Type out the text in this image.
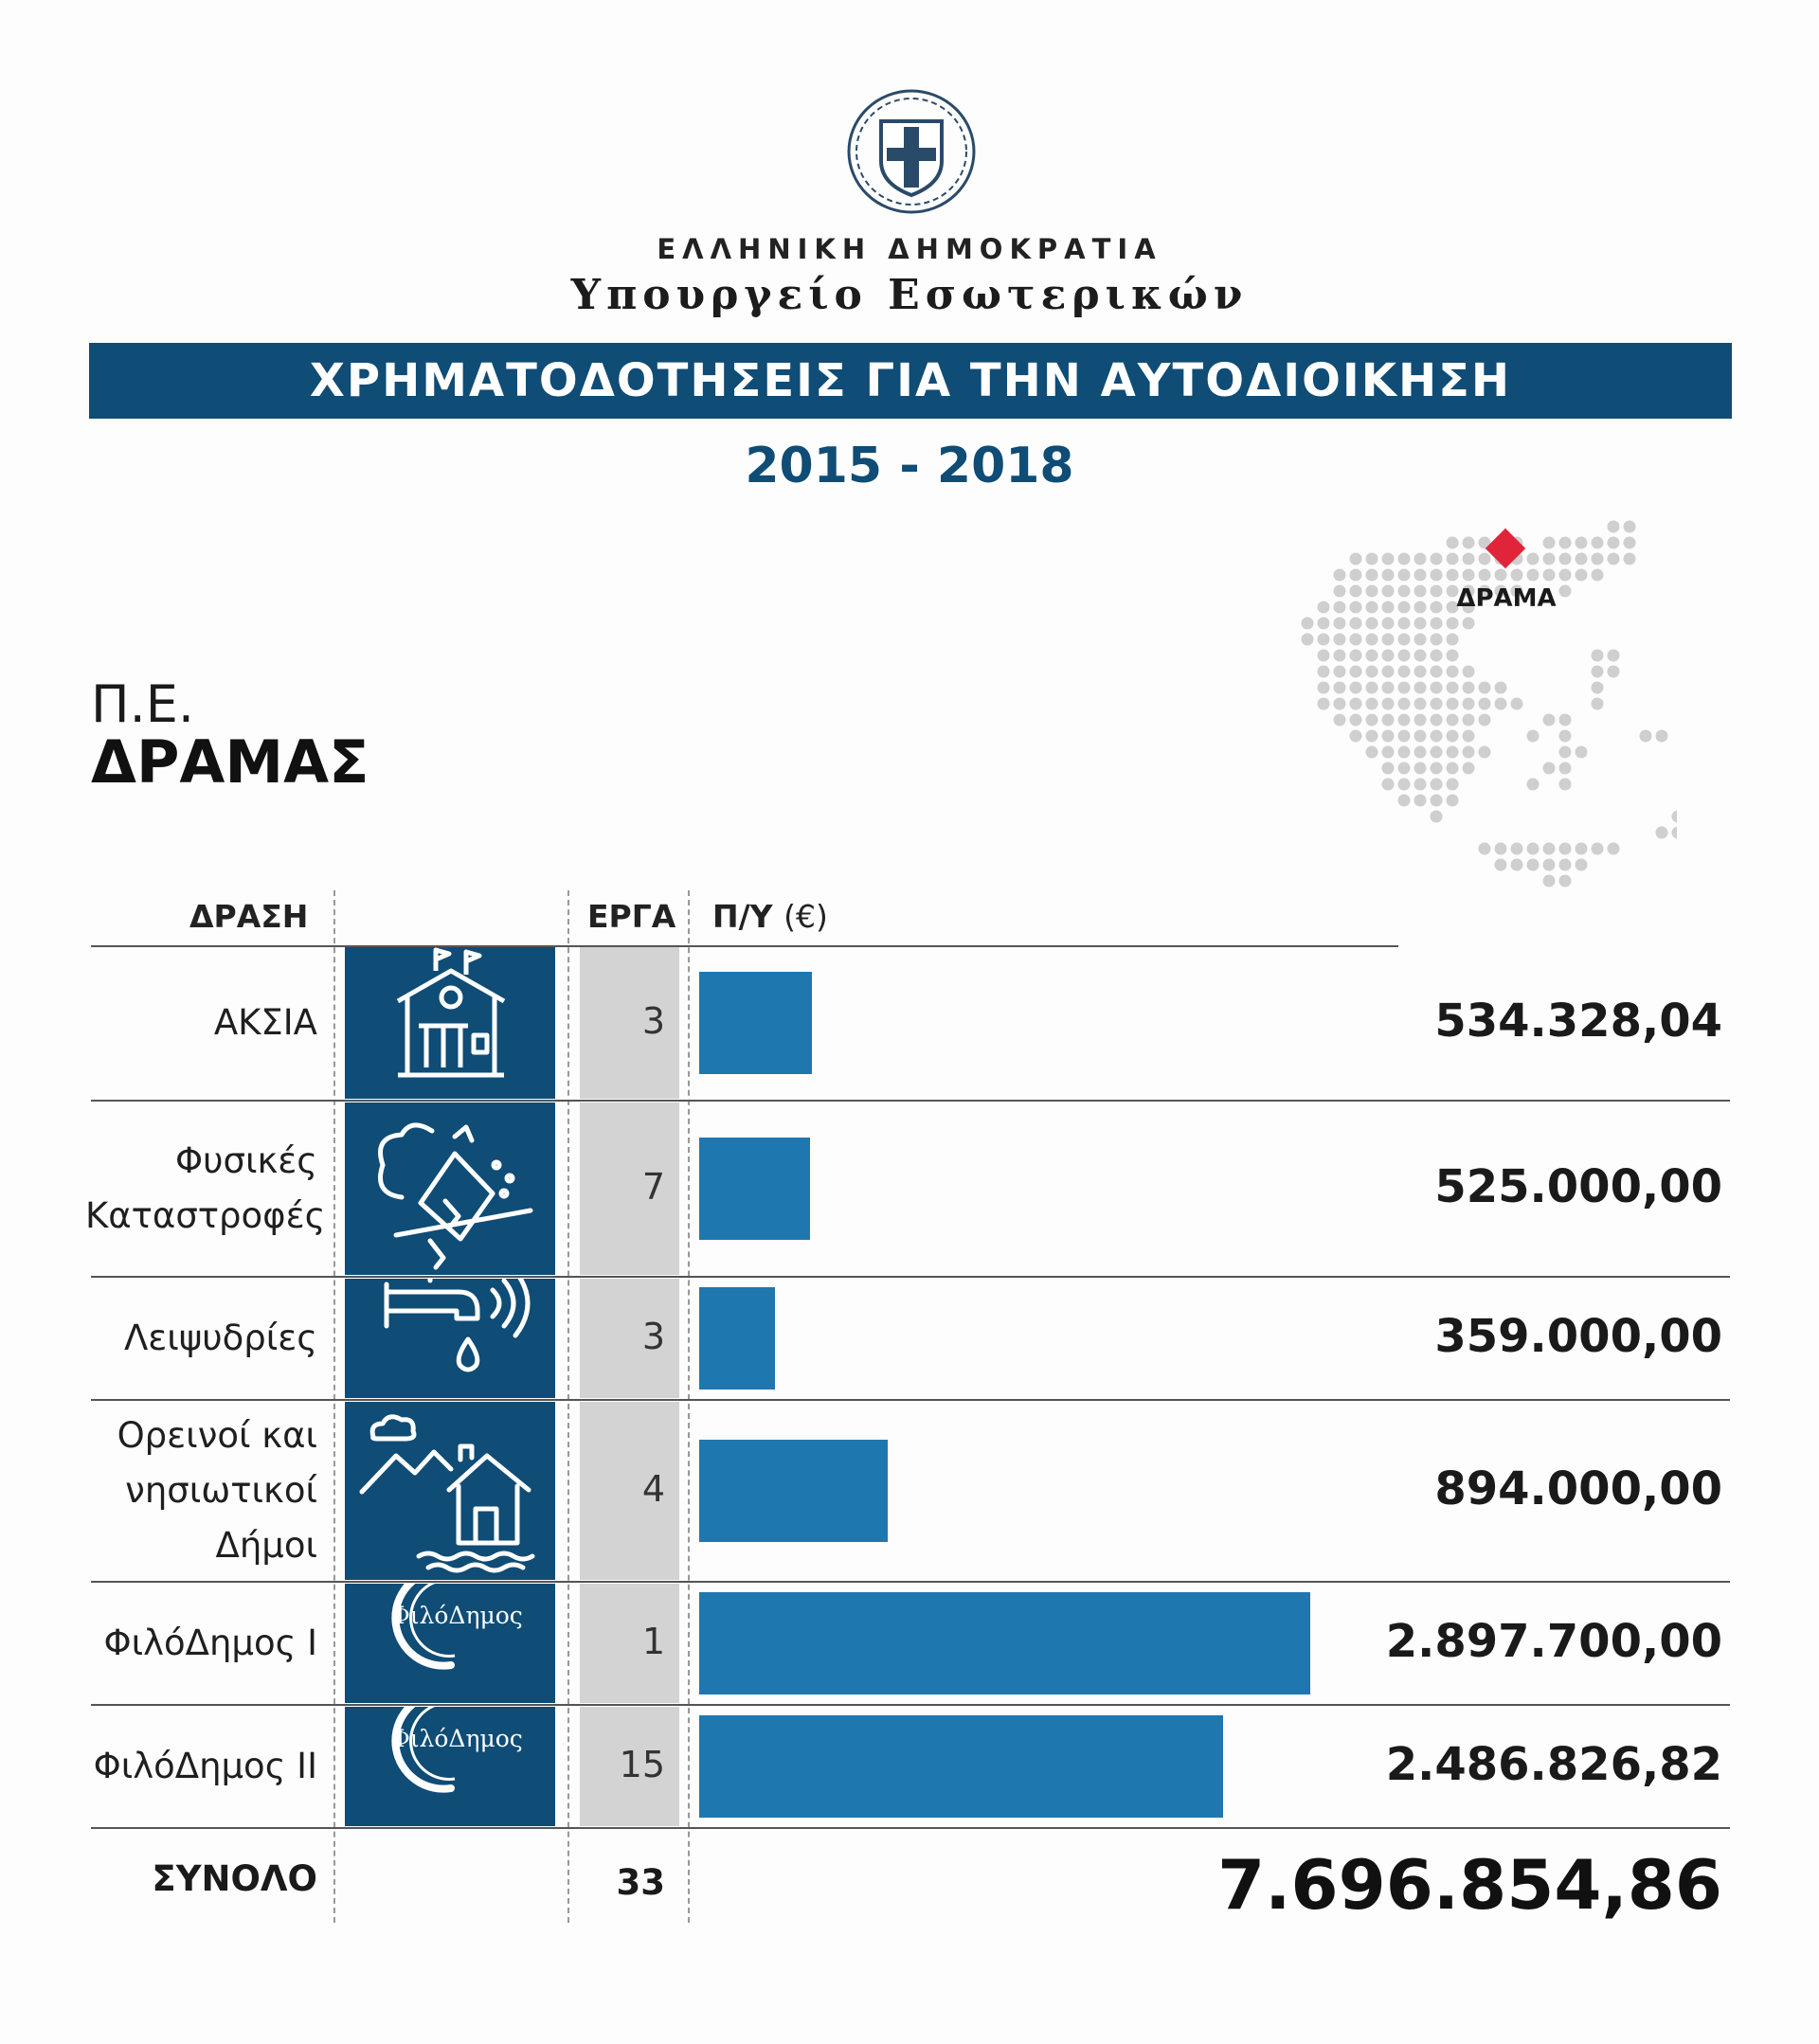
ΕΛΛΗΝΙΚΗ ΔΗΜΟΚΡΑΤΙΑ
Υπουργείο Εσωτερικών
ΧΡΗΜΑΤΟΔΟΤΗΣΕΙΣ ΓΙΑ ΤΗΝ ΑΥΤΟΔΙΟΙΚΗΣΗ
2015 - 2018
Π.Ε.
ΔΡΑΜΑΣ
ΔΡΑΜΑ
ΔΡΑΣΗ	ΕΡΓΑ Π/Υ (€)
ΑΚΣΙΑ	3	534.328,04
Φυσικές
Καταστροφές
7	525.000,00
Λειψυδρίες	3	359.000,00
Ορεινοί και
νησιωτικοί
Δήμοι
4	894.000,00
ΦιλόΔημος Ι
ΦιλόΔημος
1	2.897.700,00
ΦιλόΔημος ΙΙ
ΦιλόΔημος
15	2.486.826,82
ΣΥΝΟΛΟ	33	7.696.854,86
